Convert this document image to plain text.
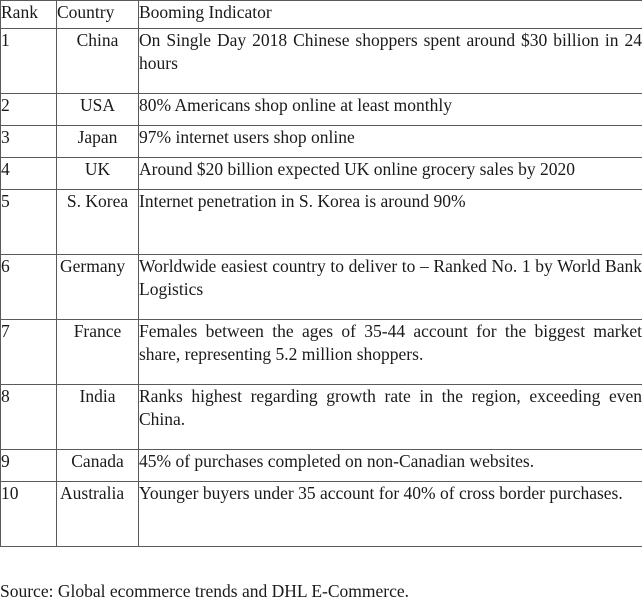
Rank	Country	Booming Indicator
1	China	On Single Day 2018 Chinese shoppers spent around $30 billion in 24 hours
2	USA	80% Americans shop online at least monthly
3	Japan	97% internet users shop online
4	UK	Around $20 billion expected UK online grocery sales by 2020
5	S. Korea	Internet penetration in S. Korea is around 90%
6	Germany	Worldwide easiest country to deliver to – Ranked No. 1 by World Bank Logistics
7	France	Females between the ages of 35-44 account for the biggest market share, representing 5.2 million shoppers.
8	India	Ranks highest regarding growth rate in the region, exceeding even China.
9	Canada	45% of purchases completed on non-Canadian websites.
10	Australia	Younger buyers under 35 account for 40% of cross border purchases.
Source: Global ecommerce trends and DHL E-Commerce.
